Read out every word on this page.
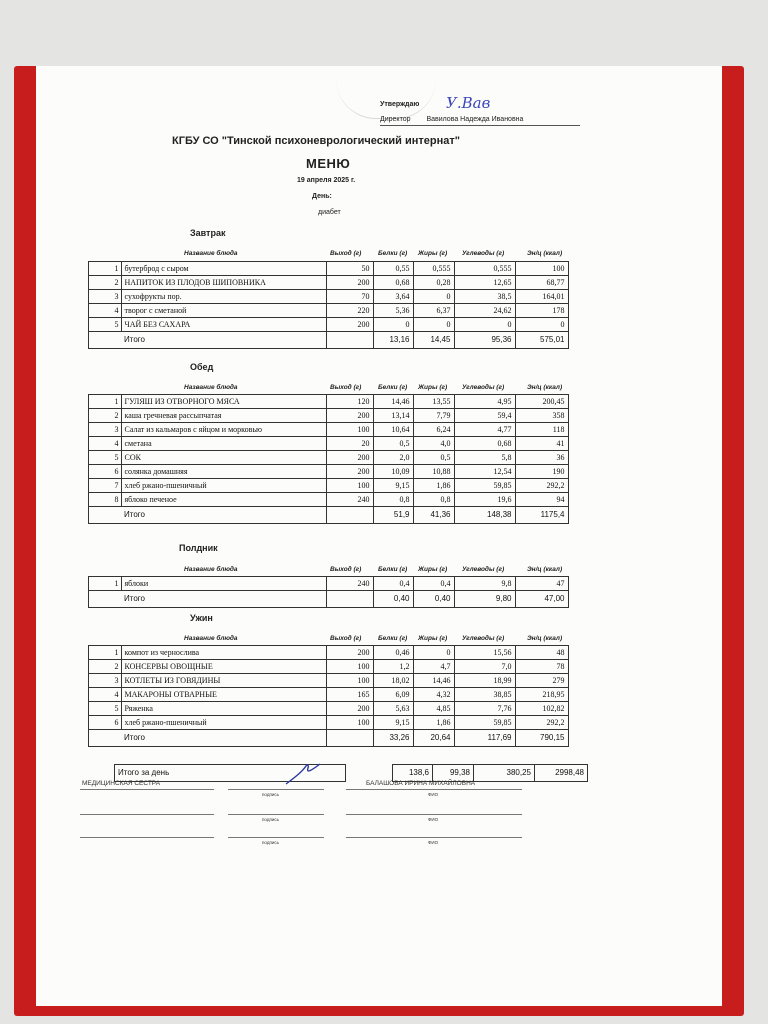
Утверждаю У.Вав
Директор Вавилова Надежда Ивановна
КГБУ СО "Тинской психоневрологический интернат"
МЕНЮ
19 апреля 2025 г.
День:
диабет
Завтрак
Название блюда	Выход (г)	Белки (г) Жиры (г) Углеводы (г)	Эн/ц (ккал)
1	бутерброд с сыром	50	0,55	0,555	0,555	100
2	НАПИТОК ИЗ ПЛОДОВ ШИПОВНИКА	200	0,68	0,28	12,65	68,77
3	сухофрукты пор.	70	3,64	0	38,5	164,01
4	творог с сметаной	220	5,36	6,37	24,62	178
5	ЧАЙ БЕЗ САХАРА	200	0	0	0	0
	Итого		13,16	14,45	95,36	575,01
Обед
Название блюда	Выход (г)	Белки (г) Жиры (г) Углеводы (г)	Эн/ц (ккал)
1	ГУЛЯШ ИЗ ОТВОРНОГО МЯСА	120	14,46	13,55	4,95	200,45
2	каша гречневая рассыпчатая	200	13,14	7,79	59,4	358
3	Салат из кальмаров с яйцом и морковью	100	10,64	6,24	4,77	118
4	сметана	20	0,5	4,0	0,68	41
5	СОК	200	2,0	0,5	5,8	36
6	солянка домашняя	200	10,09	10,88	12,54	190
7	хлеб ржано-пшеничный	100	9,15	1,86	59,85	292,2
8	яблоко печеное	240	0,8	0,8	19,6	94
	Итого		51,9	41,36	148,38	1175,4
Полдник
Название блюда	Выход (г)	Белки (г) Жиры (г) Углеводы (г)	Эн/ц (ккал)
1	яблоки	240	0,4	0,4	9,8	47
	Итого		0,40	0,40	9,80	47,00
Ужин
Название блюда	Выход (г)	Белки (г) Жиры (г) Углеводы (г)	Эн/ц (ккал)
1	компот из чернослива	200	0,46	0	15,56	48
2	КОНСЕРВЫ ОВОЩНЫЕ	100	1,2	4,7	7,0	78
3	КОТЛЕТЫ ИЗ ГОВЯДИНЫ	100	18,02	14,46	18,99	279
4	МАКАРОНЫ ОТВАРНЫЕ	165	6,09	4,32	38,85	218,95
5	Ряженка	200	5,63	4,85	7,76	102,82
6	хлеб ржано-пшеничный	100	9,15	1,86	59,85	292,2
	Итого		33,26	20,64	117,69	790,15
Итого за день		138,6	99,38	380,25	2998,48
МЕДИЦИНСКАЯ СЕСТРА	БАЛАШОВА ИРИНА МИХАЙЛОВНА
подпись	ФИО
подпись	ФИО
подпись	ФИО
